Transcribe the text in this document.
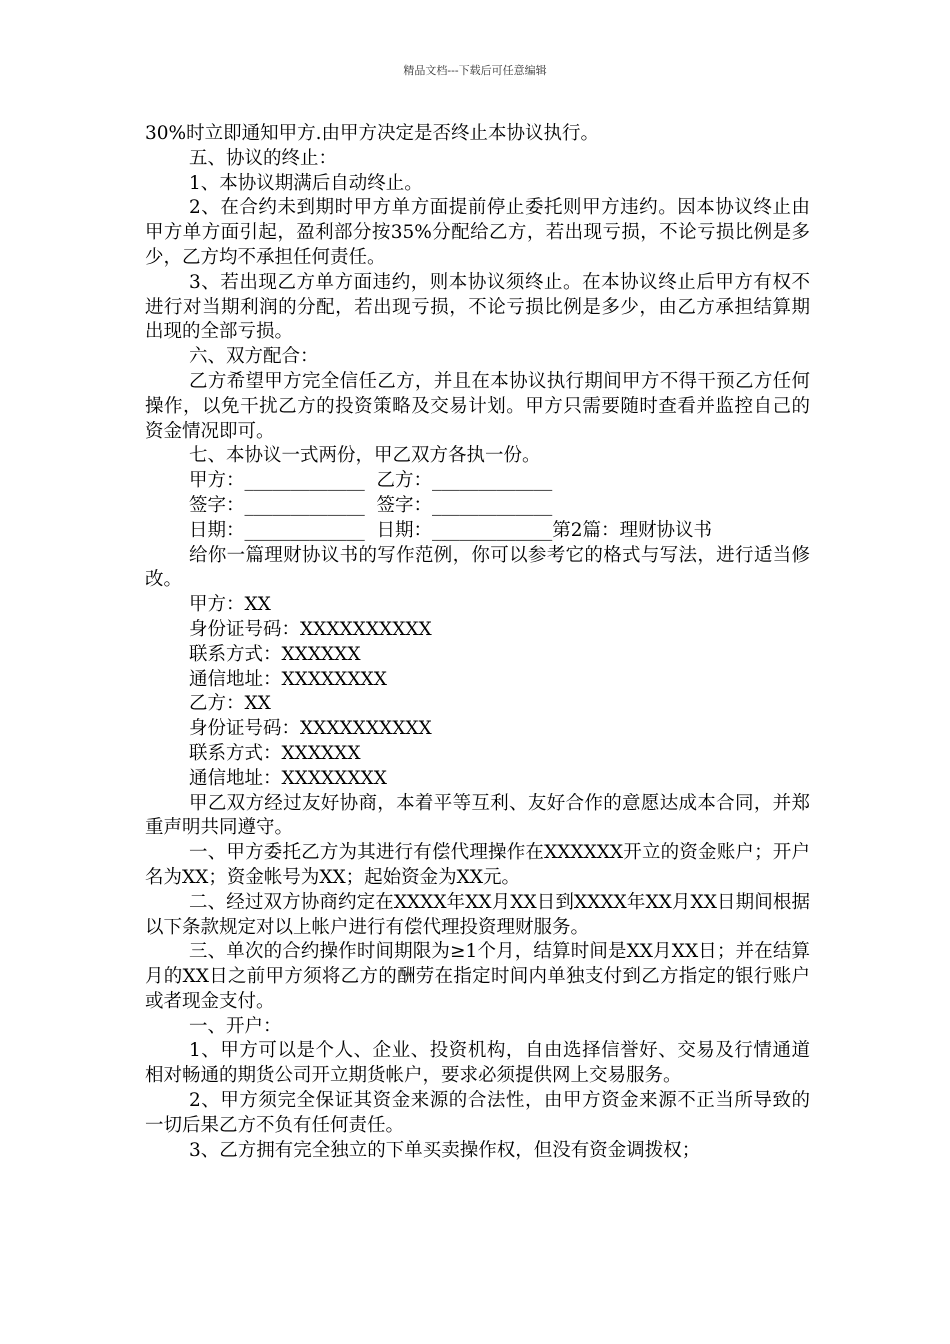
精品文档---下载后可任意编辑

30%时立即通知甲方.由甲方决定是否终止本协议执行。

五、协议的终止：

1、本协议期满后自动终止。

2、在合约未到期时甲方单方面提前停止委托则甲方违约。因本协议终止由甲方单方面引起，盈利部分按35%分配给乙方，若出现亏损，不论亏损比例是多少，乙方均不承担任何责任。

3、若出现乙方单方面违约，则本协议须终止。在本协议终止后甲方有权不进行对当期利润的分配，若出现亏损，不论亏损比例是多少，由乙方承担结算期出现的全部亏损。

六、双方配合：

乙方希望甲方完全信任乙方，并且在本协议执行期间甲方不得干预乙方任何操作，以免干扰乙方的投资策略及交易计划。甲方只需要随时查看并监控自己的资金情况即可。

七、本协议一式两份，甲乙双方各执一份。

甲方：_____________  乙方：_____________

签字：_____________  签字：_____________

日期：_____________  日期：_____________第2篇：理财协议书

给你一篇理财协议书的写作范例，你可以参考它的格式与写法，进行适当修改。

甲方：XX

身份证号码：XXXXXXXXXX

联系方式：XXXXXX

通信地址：XXXXXXXX

乙方：XX

身份证号码：XXXXXXXXXX

联系方式：XXXXXX

通信地址：XXXXXXXX

甲乙双方经过友好协商，本着平等互利、友好合作的意愿达成本合同，并郑重声明共同遵守。

一、甲方委托乙方为其进行有偿代理操作在XXXXXX开立的资金账户；开户名为XX；资金帐号为XX；起始资金为XX元。

二、经过双方协商约定在XXXX年XX月XX日到XXXX年XX月XX日期间根据以下条款规定对以上帐户进行有偿代理投资理财服务。

三、单次的合约操作时间期限为≥1个月，结算时间是XX月XX日；并在结算月的XX日之前甲方须将乙方的酬劳在指定时间内单独支付到乙方指定的银行账户或者现金支付。

一、开户：

1、甲方可以是个人、企业、投资机构，自由选择信誉好、交易及行情通道相对畅通的期货公司开立期货帐户，要求必须提供网上交易服务。

2、甲方须完全保证其资金来源的合法性，由甲方资金来源不正当所导致的一切后果乙方不负有任何责任。

3、乙方拥有完全独立的下单买卖操作权，但没有资金调拨权；
